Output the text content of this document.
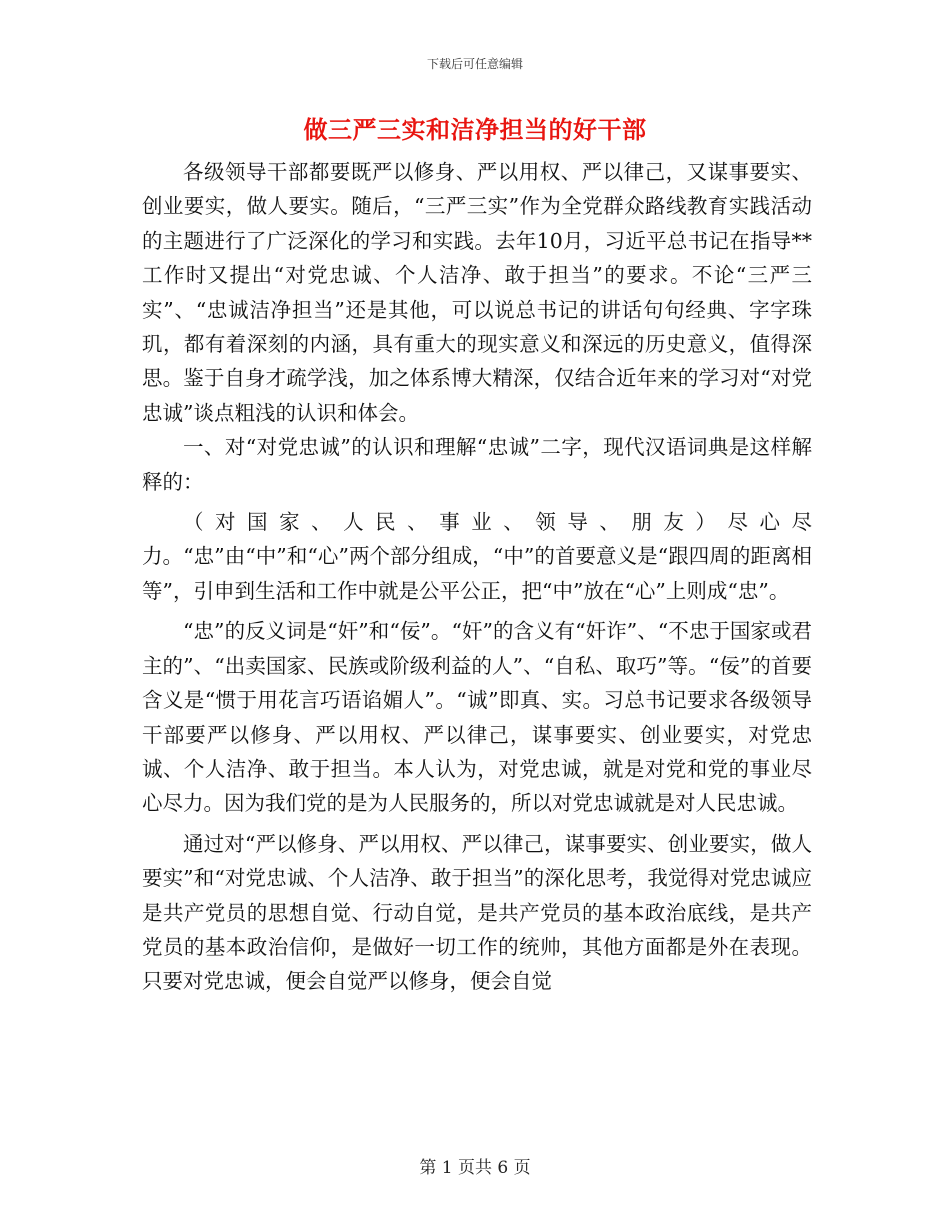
下载后可任意编辑
做三严三实和洁净担当的好干部

各级领导干部都要既严以修身、严以用权、严以律己，又谋事要实、创业要实，做人要实。随后，“三严三实”作为全党群众路线教育实践活动的主题进行了广泛深化的学习和实践。去年10月，习近平总书记在指导**工作时又提出“对党忠诚、个人洁净、敢于担当”的要求。不论“三严三实”、“忠诚洁净担当”还是其他，可以说总书记的讲话句句经典、字字珠玑，都有着深刻的内涵，具有重大的现实意义和深远的历史意义，值得深思。鉴于自身才疏学浅，加之体系博大精深，仅结合近年来的学习对“对党忠诚”谈点粗浅的认识和体会。

一、对“对党忠诚”的认识和理解“忠诚”二字，现代汉语词典是这样解释的：

（对国家、人民、事业、领导、朋友）尽心尽力。“忠”由“中”和“心”两个部分组成，“中”的首要意义是“跟四周的距离相等”，引申到生活和工作中就是公平公正，把“中”放在“心”上则成“忠”。

“忠”的反义词是“奸”和“佞”。“奸”的含义有“奸诈”、“不忠于国家或君主的”、“出卖国家、民族或阶级利益的人”、“自私、取巧”等。“佞”的首要含义是“惯于用花言巧语谄媚人”。“诚”即真、实。习总书记要求各级领导干部要严以修身、严以用权、严以律己，谋事要实、创业要实，对党忠诚、个人洁净、敢于担当。本人认为，对党忠诚，就是对党和党的事业尽心尽力。因为我们党的是为人民服务的，所以对党忠诚就是对人民忠诚。

通过对“严以修身、严以用权、严以律己，谋事要实、创业要实，做人要实”和“对党忠诚、个人洁净、敢于担当”的深化思考，我觉得对党忠诚应是共产党员的思想自觉、行动自觉，是共产党员的基本政治底线，是共产党员的基本政治信仰，是做好一切工作的统帅，其他方面都是外在表现。只要对党忠诚，便会自觉严以修身，便会自觉

第 1 页共 6 页
